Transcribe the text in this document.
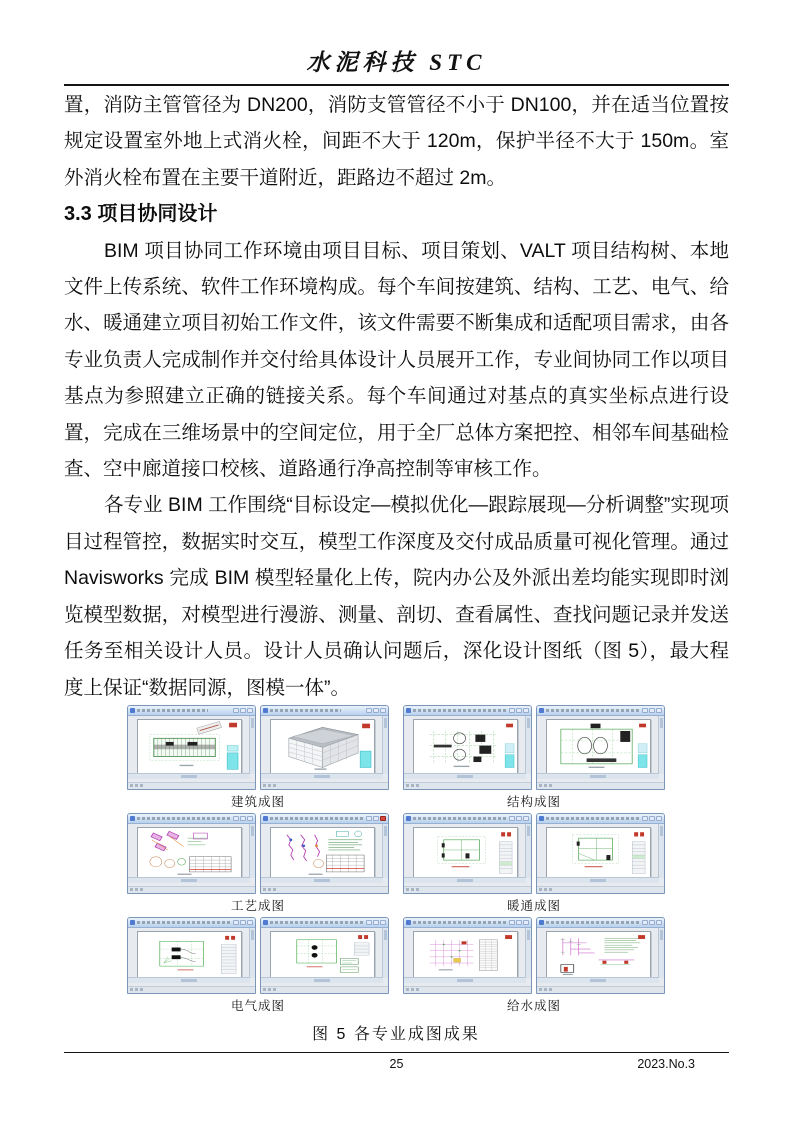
水泥科技 STC

置，消防主管管径为 DN200，消防支管管径不小于 DN100，并在适当位置按规定设置室外地上式消火栓，间距不大于 120m，保护半径不大于 150m。室外消火栓布置在主要干道附近，距路边不超过 2m。

3.3 项目协同设计

BIM 项目协同工作环境由项目目标、项目策划、VALT 项目结构树、本地文件上传系统、软件工作环境构成。每个车间按建筑、结构、工艺、电气、给水、暖通建立项目初始工作文件，该文件需要不断集成和适配项目需求，由各专业负责人完成制作并交付给具体设计人员展开工作，专业间协同工作以项目基点为参照建立正确的链接关系。每个车间通过对基点的真实坐标点进行设置，完成在三维场景中的空间定位，用于全厂总体方案把控、相邻车间基础检查、空中廊道接口校核、道路通行净高控制等审核工作。

各专业 BIM 工作围绕“目标设定—模拟优化—跟踪展现—分析调整”实现项目过程管控，数据实时交互，模型工作深度及交付成品质量可视化管理。通过 Navisworks 完成 BIM 模型轻量化上传，院内办公及外派出差均能实现即时浏览模型数据，对模型进行漫游、测量、剖切、查看属性、查找问题记录并发送任务至相关设计人员。设计人员确认问题后，深化设计图纸（图 5），最大程度上保证“数据同源，图模一体”。

建筑成图	结构成图
工艺成图	暖通成图
电气成图	给水成图
图 5 各专业成图成果
25	2023.No.3
